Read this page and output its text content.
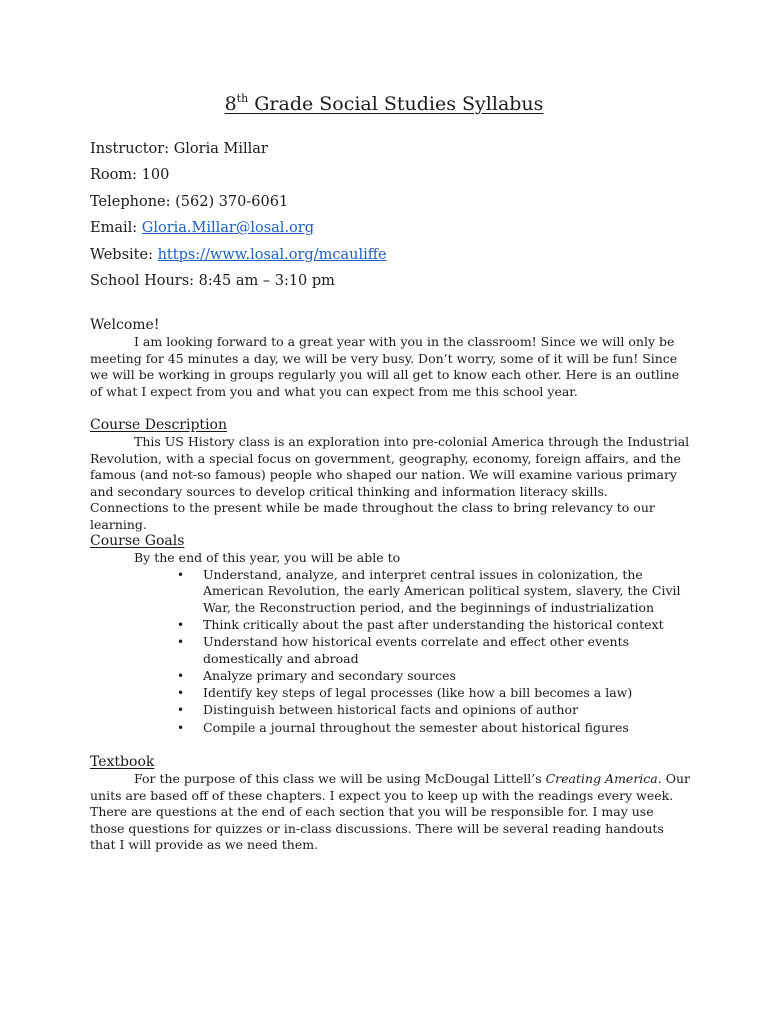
8th Grade Social Studies Syllabus
Instructor: Gloria Millar
Room: 100
Telephone: (562) 370-6061
Email: Gloria.Millar@losal.org
Website: https://www.losal.org/mcauliffe
School Hours: 8:45 am – 3:10 pm
Welcome!
I am looking forward to a great year with you in the classroom! Since we will only be meeting for 45 minutes a day, we will be very busy. Don’t worry, some of it will be fun! Since we will be working in groups regularly you will all get to know each other. Here is an outline of what I expect from you and what you can expect from me this school year.
Course Description
This US History class is an exploration into pre-colonial America through the Industrial Revolution, with a special focus on government, geography, economy, foreign affairs, and the famous (and not-so famous) people who shaped our nation. We will examine various primary and secondary sources to develop critical thinking and information literacy skills. Connections to the present while be made throughout the class to bring relevancy to our learning.
Course Goals
By the end of this year, you will be able to
• Understand, analyze, and interpret central issues in colonization, the American Revolution, the early American political system, slavery, the Civil War, the Reconstruction period, and the beginnings of industrialization
• Think critically about the past after understanding the historical context
• Understand how historical events correlate and effect other events domestically and abroad
• Analyze primary and secondary sources
• Identify key steps of legal processes (like how a bill becomes a law)
• Distinguish between historical facts and opinions of author
• Compile a journal throughout the semester about historical figures
Textbook
For the purpose of this class we will be using McDougal Littell’s Creating America. Our units are based off of these chapters. I expect you to keep up with the readings every week. There are questions at the end of each section that you will be responsible for. I may use those questions for quizzes or in-class discussions. There will be several reading handouts that I will provide as we need them.
